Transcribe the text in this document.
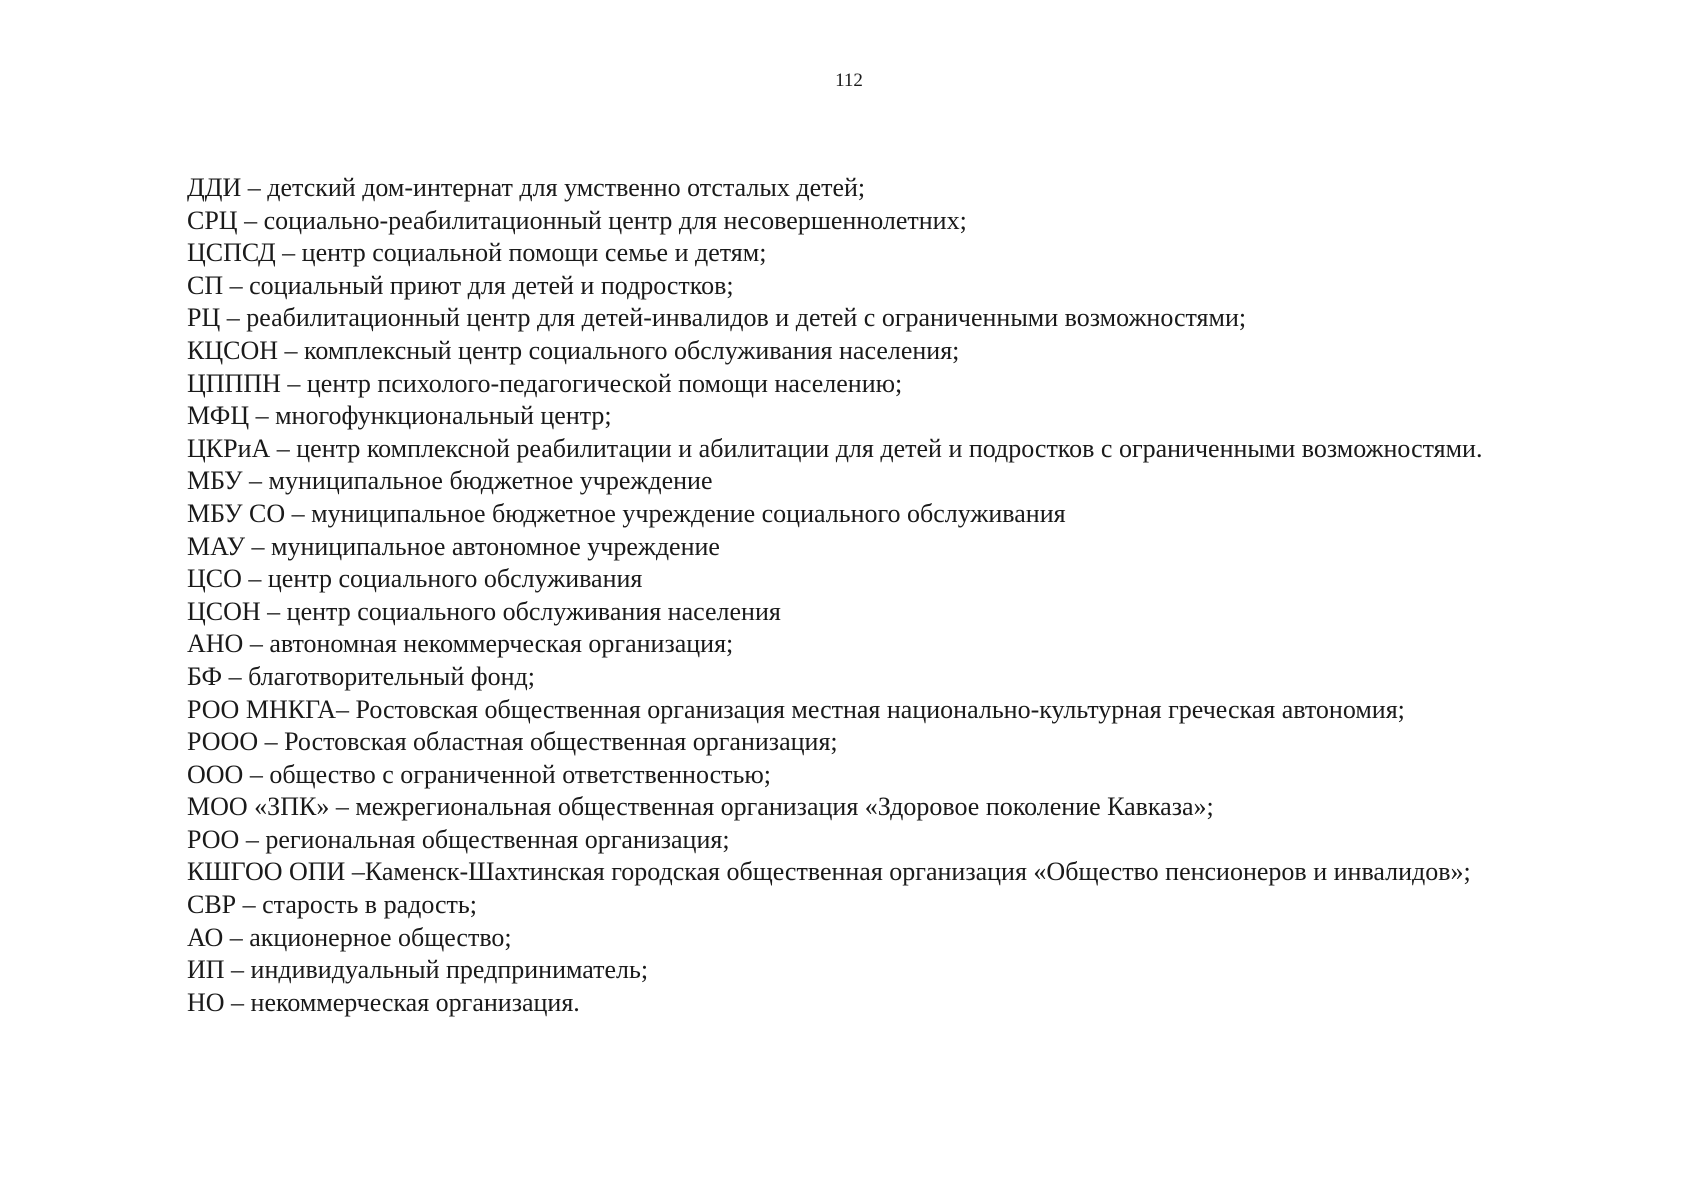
112
ДДИ – детский дом-интернат для умственно отсталых детей;
СРЦ – социально-реабилитационный центр для несовершеннолетних;
ЦСПСД – центр социальной помощи семье и детям;
СП – социальный приют для детей и подростков;
РЦ – реабилитационный центр для детей-инвалидов и детей с ограниченными возможностями;
КЦСОН – комплексный центр социального обслуживания населения;
ЦПППН – центр психолого-педагогической помощи населению;
МФЦ – многофункциональный центр;
ЦКРиА – центр комплексной реабилитации и абилитации для детей и подростков с ограниченными возможностями.
МБУ – муниципальное бюджетное учреждение
МБУ СО – муниципальное бюджетное учреждение социального обслуживания
МАУ – муниципальное автономное учреждение
ЦСО – центр социального обслуживания
ЦСОН – центр социального обслуживания населения
АНО – автономная некоммерческая организация;
БФ – благотворительный фонд;
РОО МНКГА– Ростовская общественная организация местная национально-культурная греческая автономия;
РООО – Ростовская областная общественная организация;
ООО – общество с ограниченной ответственностью;
МОО «ЗПК» – межрегиональная общественная организация «Здоровое поколение Кавказа»;
РОО – региональная общественная организация;
КШГОО ОПИ –Каменск-Шахтинская городская общественная организация «Общество пенсионеров и инвалидов»;
СВР – старость в радость;
АО – акционерное общество;
ИП – индивидуальный предприниматель;
НО – некоммерческая организация.
